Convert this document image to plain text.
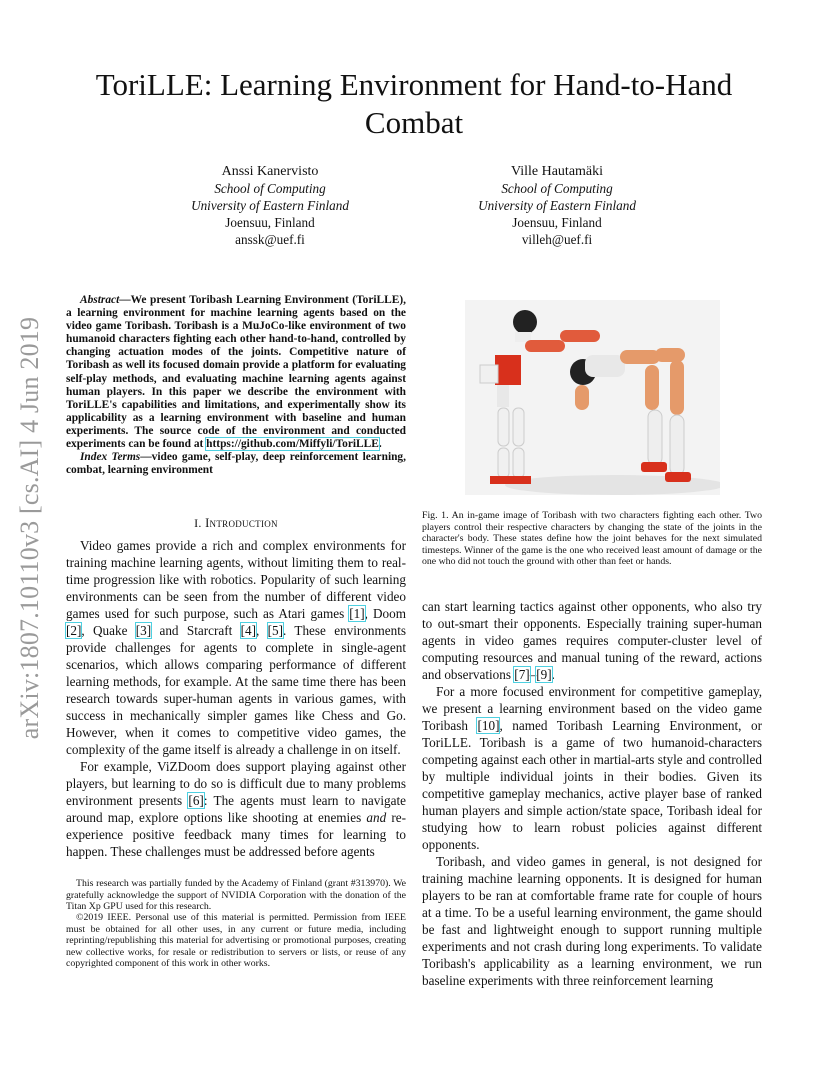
ToriLLE: Learning Environment for Hand-to-Hand Combat
Anssi Kanervisto
School of Computing
University of Eastern Finland
Joensuu, Finland
anssk@uef.fi
Ville Hautamäki
School of Computing
University of Eastern Finland
Joensuu, Finland
villeh@uef.fi
arXiv:1807.10110v3 [cs.AI] 4 Jun 2019

Abstract—We present Toribash Learning Environment (ToriLLE), a learning environment for machine learning agents based on the video game Toribash. Toribash is a MuJoCo-like environment of two humanoid characters fighting each other hand-to-hand, controlled by changing actuation modes of the joints. Competitive nature of Toribash as well its focused domain provide a platform for evaluating self-play methods, and evaluating machine learning agents against human players. In this paper we describe the environment with ToriLLE's capabilities and limitations, and experimentally show its applicability as a learning environment with baseline and human experiments. The source code of the environment and conducted experiments can be found at https://github.com/Miffyli/ToriLLE.

Index Terms—video game, self-play, deep reinforcement learning, combat, learning environment

I. Introduction

Video games provide a rich and complex environments for training machine learning agents, without limiting them to real-time progression like with robotics. Popularity of such learning environments can be seen from the number of different video games used for such purpose, such as Atari games [1], Doom [2], Quake [3] and Starcraft [4], [5]. These environments provide challenges for agents to complete in single-agent scenarios, which allows comparing performance of different learning methods, for example. At the same time there has been research towards super-human agents in various games, with success in mechanically simpler games like Chess and Go. However, when it comes to competitive video games, the complexity of the game itself is already a challenge in on itself.

For example, ViZDoom does support playing against other players, but learning to do so is difficult due to many problems environment presents [6]: The agents must learn to navigate around map, explore options like shooting at enemies and re-experience positive feedback many times for learning to happen. These challenges must be addressed before agents

This research was partially funded by the Academy of Finland (grant #313970). We gratefully acknowledge the support of NVIDIA Corporation with the donation of the Titan Xp GPU used for this research.

©2019 IEEE. Personal use of this material is permitted. Permission from IEEE must be obtained for all other uses, in any current or future media, including reprinting/republishing this material for advertising or promotional purposes, creating new collective works, for resale or redistribution to servers or lists, or reuse of any copyrighted component of this work in other works.

Fig. 1. An in-game image of Toribash with two characters fighting each other. Two players control their respective characters by changing the state of the joints in the character's body. These states define how the joint behaves for the next simulated timesteps. Winner of the game is the one who received least amount of damage or the one who did not touch the ground with other than feet or hands.

can start learning tactics against other opponents, who also try to out-smart their opponents. Especially training super-human agents in video games requires computer-cluster level of computing resources and manual tuning of the reward, actions and observations [7]–[9].

For a more focused environment for competitive gameplay, we present a learning environment based on the video game Toribash [10], named Toribash Learning Environment, or ToriLLE. Toribash is a game of two humanoid-characters competing against each other in martial-arts style and controlled by multiple individual joints in their bodies. Given its competitive gameplay mechanics, active player base of ranked human players and simple action/state space, Toribash ideal for studying how to learn robust policies against different opponents.

Toribash, and video games in general, is not designed for training machine learning opponents. It is designed for human players to be ran at comfortable frame rate for couple of hours at a time. To be a useful learning environment, the game should be fast and lightweight enough to support running multiple experiments and not crash during long experiments. To validate Toribash's applicability as a learning environment, we run baseline experiments with three reinforcement learning
